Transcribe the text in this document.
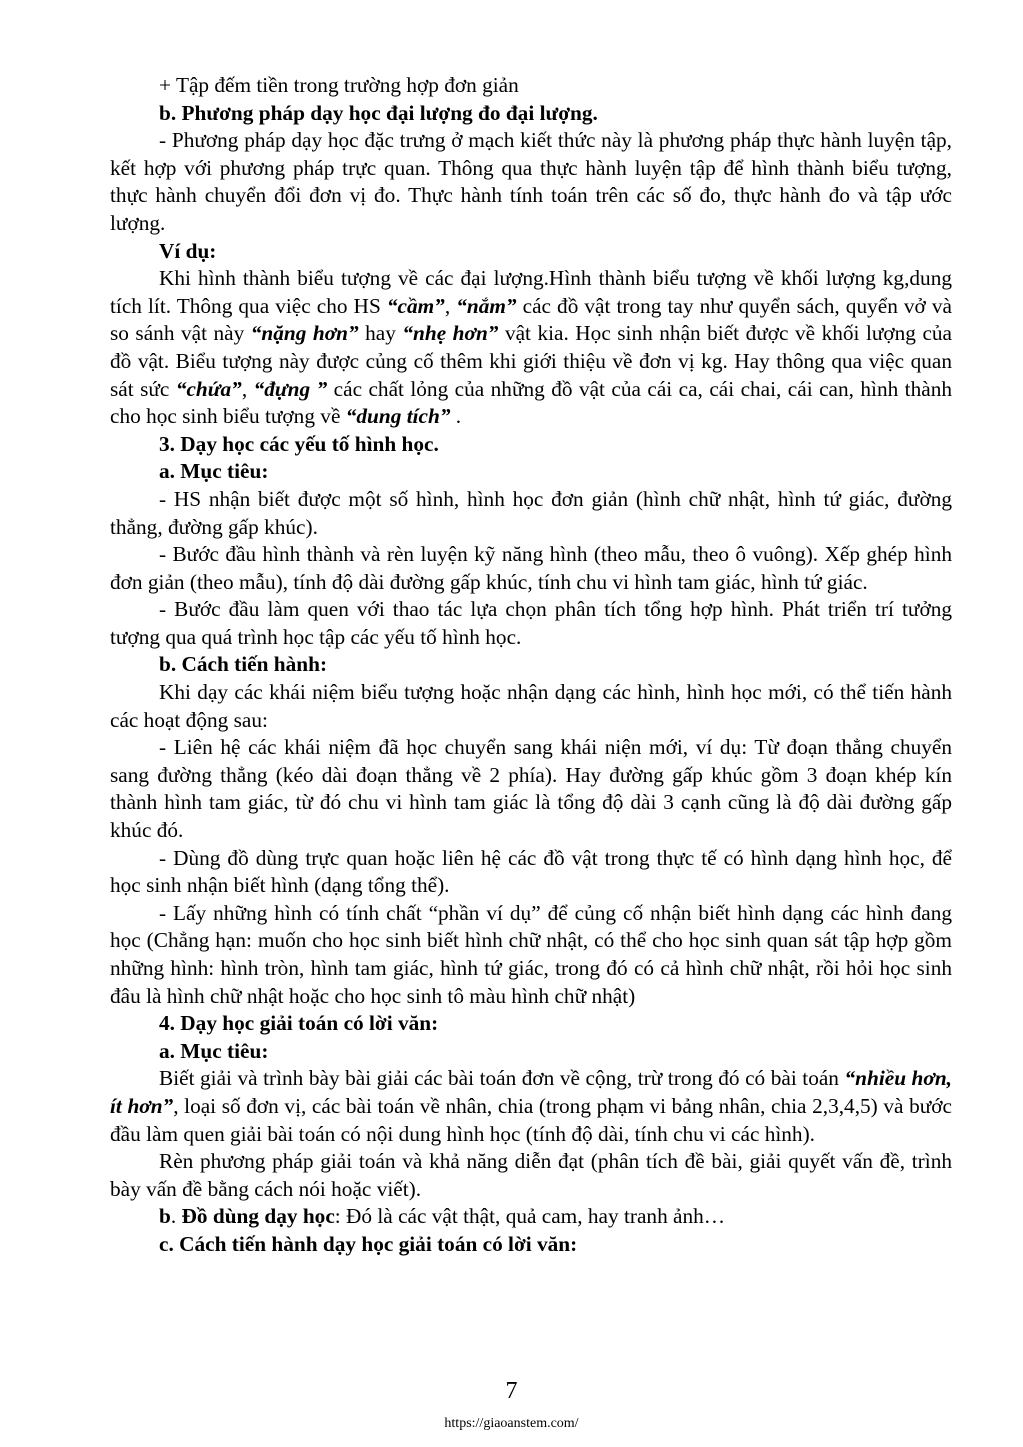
+ Tập đếm tiền trong trường hợp đơn giản

b. Phương pháp dạy học đại lượng đo đại lượng.

- Phương pháp dạy học đặc trưng ở mạch kiết thức này là phương pháp thực hành luyện tập, kết hợp với phương pháp trực quan. Thông qua thực hành luyện tập để hình thành biểu tượng, thực hành chuyển đổi đơn vị đo. Thực hành tính toán trên các số đo, thực hành đo và tập ước lượng.

Ví dụ:

Khi hình thành biểu tượng về các đại lượng.Hình thành biểu tượng về khối lượng kg,dung tích lít. Thông qua việc cho HS “cầm”, “nắm” các đồ vật trong tay như quyển sách, quyển vở và so sánh vật này “nặng hơn” hay “nhẹ hơn” vật kia. Học sinh nhận biết được về khối lượng của đồ vật. Biểu tượng này được củng cố thêm khi giới thiệu về đơn vị kg. Hay thông qua việc quan sát sức “chứa”, “đựng ” các chất lỏng của những đồ vật của cái ca, cái chai, cái can, hình thành cho học sinh biểu tượng về “dung tích” .

3. Dạy học các yếu tố hình học.

a. Mục tiêu:

- HS nhận biết được một số hình, hình học đơn giản (hình chữ nhật, hình tứ giác, đường thẳng, đường gấp khúc).

- Bước đầu hình thành và rèn luyện kỹ năng hình (theo mẫu, theo ô vuông). Xếp ghép hình đơn giản (theo mẫu), tính độ dài đường gấp khúc, tính chu vi hình tam giác, hình tứ giác.

- Bước đầu làm quen với thao tác lựa chọn phân tích tổng hợp hình. Phát triển trí tưởng tượng qua quá trình học tập các yếu tố hình học.

b. Cách tiến hành:

Khi dạy các khái niệm biểu tượng hoặc nhận dạng các hình, hình học mới, có thể tiến hành các hoạt động sau:

- Liên hệ các khái niệm đã học chuyển sang khái niện mới, ví dụ: Từ đoạn thẳng chuyển sang đường thẳng (kéo dài đoạn thẳng về 2 phía). Hay đường gấp khúc gồm 3 đoạn khép kín thành hình tam giác, từ đó chu vi hình tam giác là tổng độ dài 3 cạnh cũng là độ dài đường gấp khúc đó.

- Dùng đồ dùng trực quan hoặc liên hệ các đồ vật trong thực tế có hình dạng hình học, để học sinh nhận biết hình (dạng tổng thể).

- Lấy những hình có tính chất “phần ví dụ” để củng cố nhận biết hình dạng các hình đang học (Chẳng hạn: muốn cho học sinh biết hình chữ nhật, có thể cho học sinh quan sát tập hợp gồm những hình: hình tròn, hình tam giác, hình tứ giác, trong đó có cả hình chữ nhật, rồi hỏi học sinh đâu là hình chữ nhật hoặc cho học sinh tô màu hình chữ nhật)

4. Dạy học giải toán có lời văn:

a. Mục tiêu:

Biết giải và trình bày bài giải các bài toán đơn về cộng, trừ trong đó có bài toán “nhiều hơn, ít hơn”, loại số đơn vị, các bài toán về nhân, chia (trong phạm vi bảng nhân, chia 2,3,4,5) và bước đầu làm quen giải bài toán có nội dung hình học (tính độ dài, tính chu vi các hình).

Rèn phương pháp giải toán và khả năng diễn đạt (phân tích đề bài, giải quyết vấn đề, trình bày vấn đề bằng cách nói hoặc viết).

b. Đồ dùng dạy học: Đó là các vật thật, quả cam, hay tranh ảnh…

c. Cách tiến hành dạy học giải toán có lời văn:

7
https://giaoanstem.com/
